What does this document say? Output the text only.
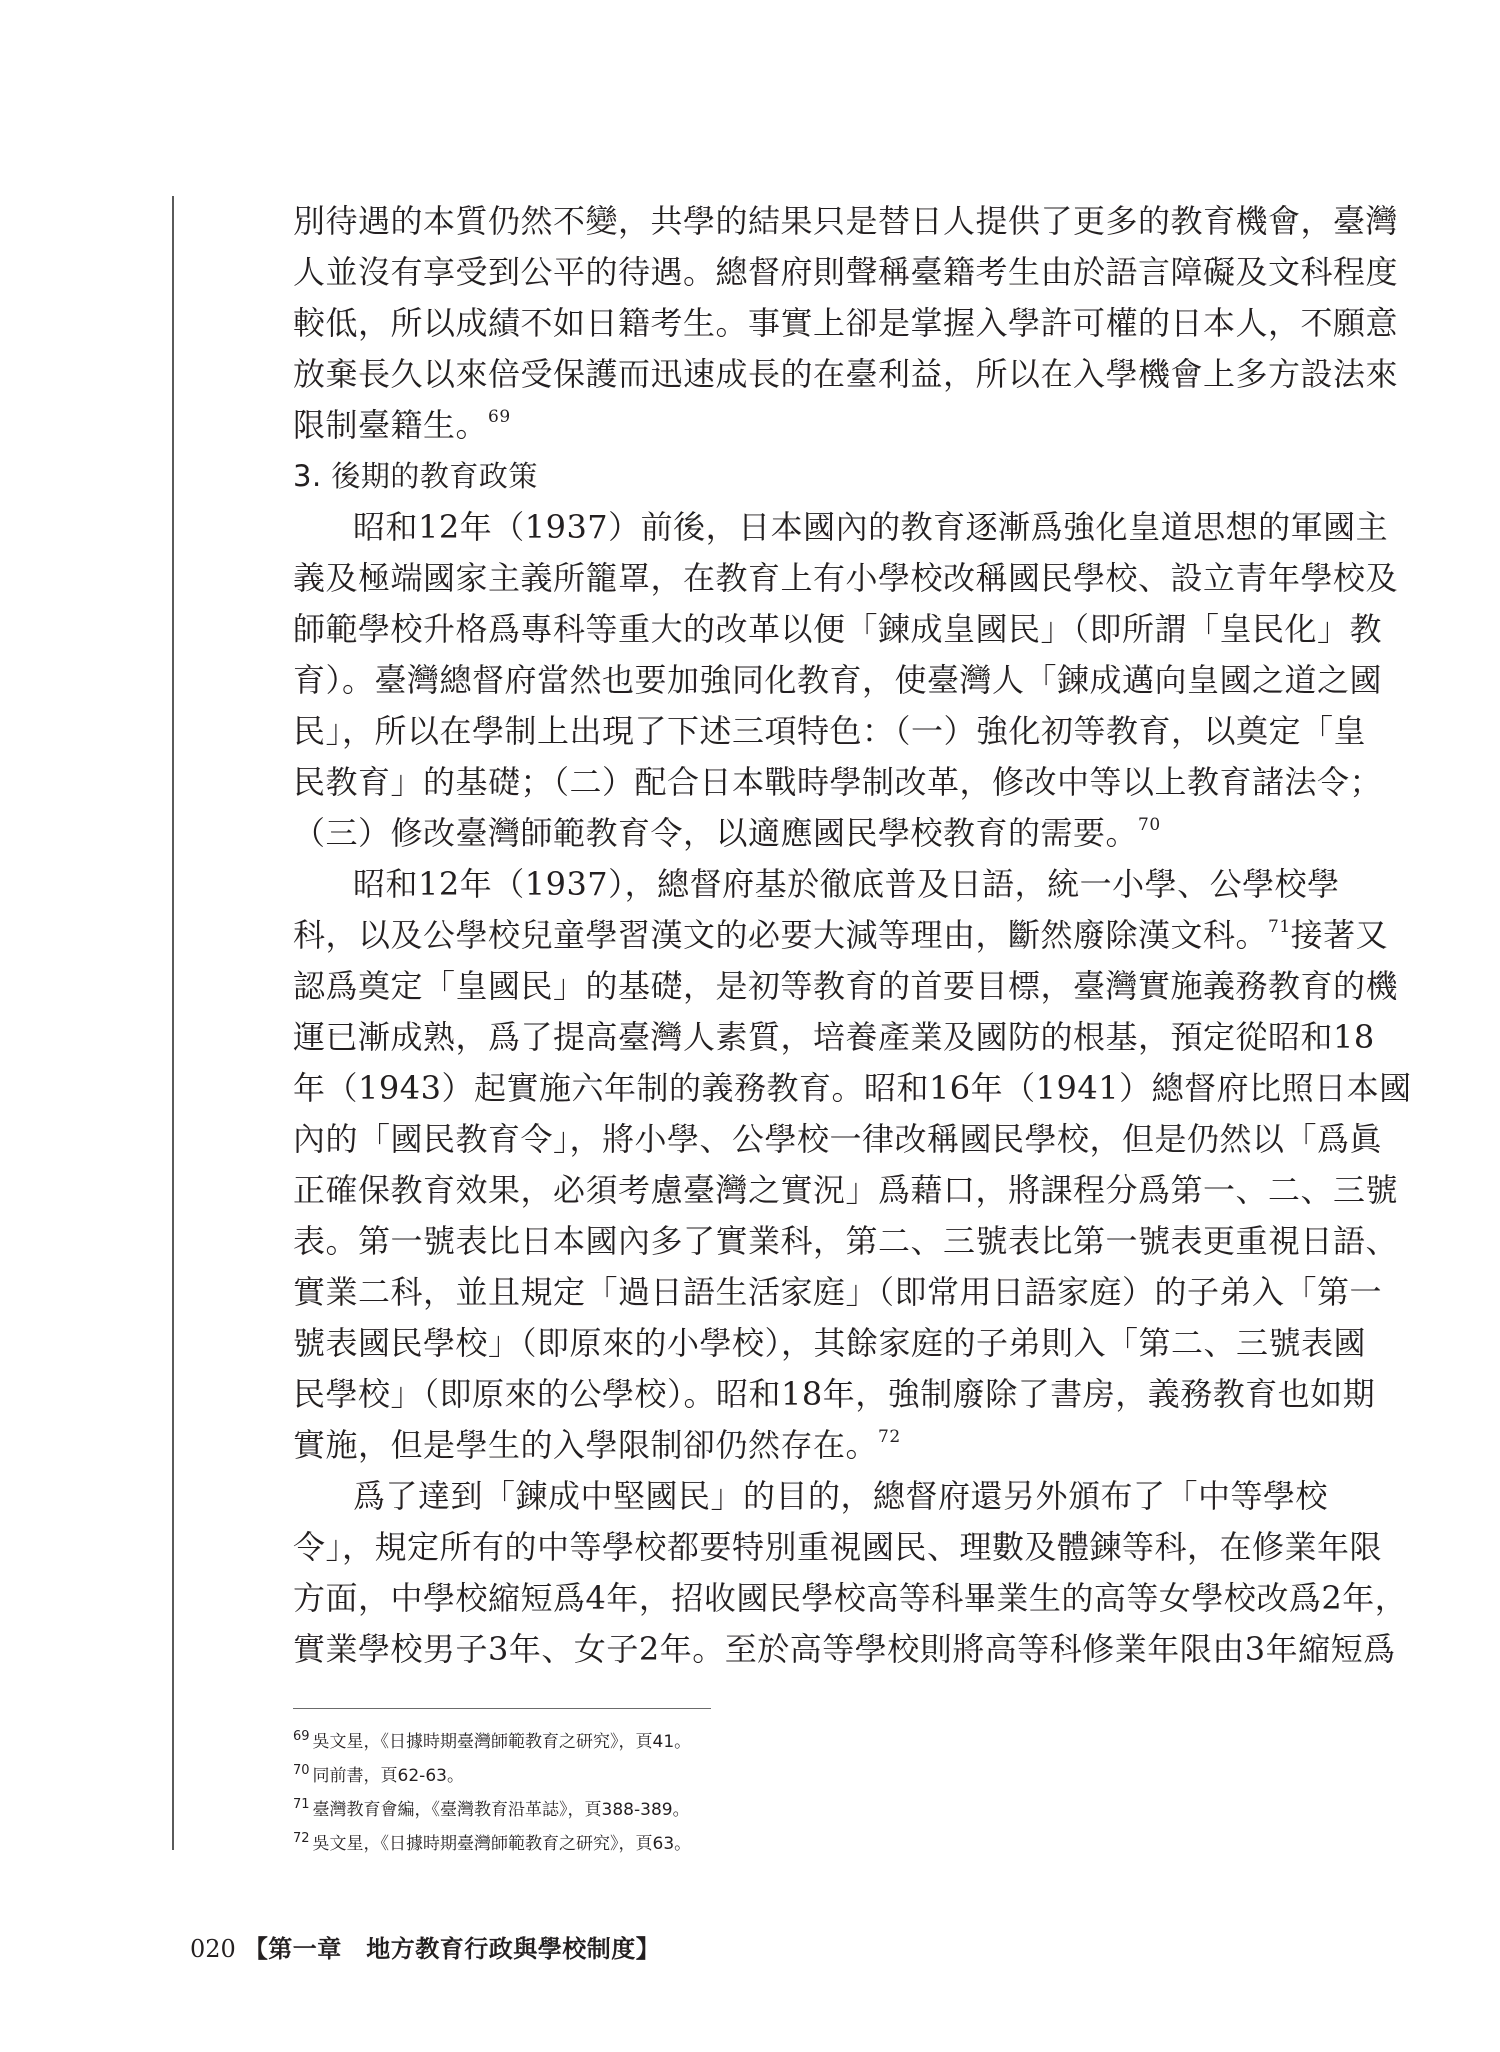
別待遇的本質仍然不變，共學的結果只是替日人提供了更多的教育機會，臺灣
人並沒有享受到公平的待遇。總督府則聲稱臺籍考生由於語言障礙及文科程度
較低，所以成績不如日籍考生。事實上卻是掌握入學許可權的日本人，不願意
放棄長久以來倍受保護而迅速成長的在臺利益，所以在入學機會上多方設法來
限制臺籍生。$^{69}$
3. 後期的教育政策
昭和12年（1937）前後，日本國內的教育逐漸爲強化皇道思想的軍國主
義及極端國家主義所籠罩，在教育上有小學校改稱國民學校、設立青年學校及
師範學校升格爲專科等重大的改革以便「鍊成皇國民」（即所謂「皇民化」教
育）。臺灣總督府當然也要加強同化教育，使臺灣人「鍊成邁向皇國之道之國
民」，所以在學制上出現了下述三項特色：（一）強化初等教育，以奠定「皇
民教育」的基礎；（二）配合日本戰時學制改革，修改中等以上教育諸法令；
（三）修改臺灣師範教育令，以適應國民學校教育的需要。$^{70}$
昭和12年（1937），總督府基於徹底普及日語，統一小學、公學校學
科，以及公學校兒童學習漢文的必要大減等理由，斷然廢除漢文科。$^{71}$接著又
認爲奠定「皇國民」的基礎，是初等教育的首要目標，臺灣實施義務教育的機
運已漸成熟，爲了提高臺灣人素質，培養產業及國防的根基，預定從昭和18
年（1943）起實施六年制的義務教育。昭和16年（1941）總督府比照日本國
內的「國民教育令」，將小學、公學校一律改稱國民學校，但是仍然以「爲眞
正確保教育效果，必須考慮臺灣之實況」爲藉口，將課程分爲第一、二、三號
表。第一號表比日本國內多了實業科，第二、三號表比第一號表更重視日語、
實業二科，並且規定「過日語生活家庭」（即常用日語家庭）的子弟入「第一
號表國民學校」（即原來的小學校），其餘家庭的子弟則入「第二、三號表國
民學校」（即原來的公學校）。昭和18年，強制廢除了書房，義務教育也如期
實施，但是學生的入學限制卻仍然存在。$^{72}$
爲了達到「鍊成中堅國民」的目的，總督府還另外頒布了「中等學校
令」，規定所有的中等學校都要特別重視國民、理數及體鍊等科，在修業年限
方面，中學校縮短爲4年，招收國民學校高等科畢業生的高等女學校改爲2年，
實業學校男子3年、女子2年。至於高等學校則將高等科修業年限由3年縮短爲
$^{69}$ 吳文星，《日據時期臺灣師範教育之研究》，頁41。
$^{70}$ 同前書，頁62-63。
$^{71}$ 臺灣教育會編，《臺灣教育沿革誌》，頁388-389。
$^{72}$ 吳文星，《日據時期臺灣師範教育之研究》，頁63。
020 【第一章　地方教育行政與學校制度】
